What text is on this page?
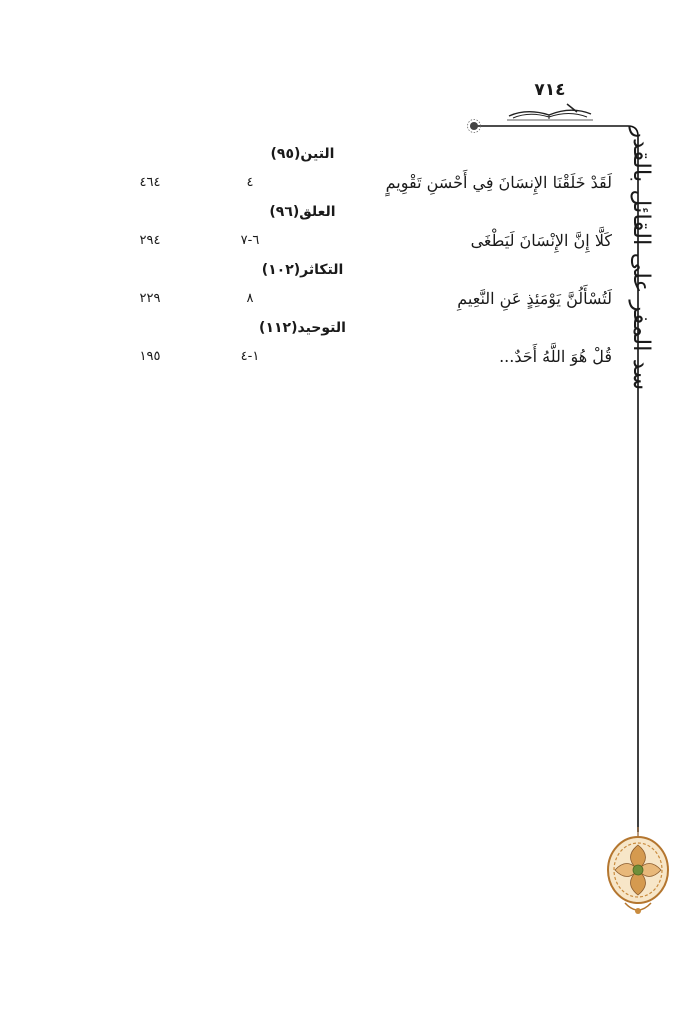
٧١٤
سد المفر على القائل بالقدر
التين(٩٥)
لَقَدْ خَلَقْنَا الإِنسَانَ فِي أَحْسَنِ تَقْوِيمٍ
٤
٤٦٤
العلق(٩٦)
كَلَّا إِنَّ الإِنْسَانَ لَيَطْغَى
٦-٧
٢٩٤
التكاثر(١٠٢)
لَتُسْأَلُنَّ يَوْمَئِذٍ عَنِ النَّعِيمِ
٨
٢٢٩
التوحيد(١١٢)
قُلْ هُوَ اللَّهُ أَحَدٌ...
١-٤
١٩٥
